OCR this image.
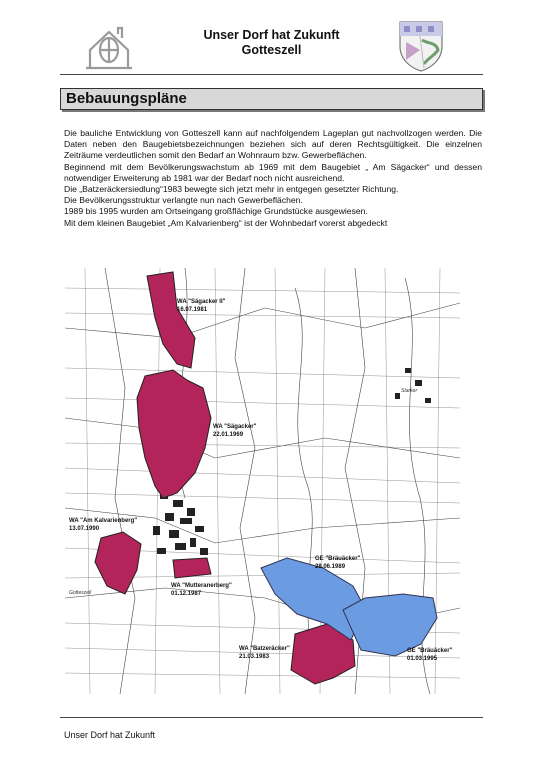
Unser Dorf hat Zukunft
Gotteszell
Bebauungspläne

Die bauliche Entwicklung von Gotteszell kann auf nachfolgendem Lageplan gut nachvollzogen werden. Die Daten neben den Baugebietsbezeichnungen beziehen sich auf deren Rechtsgültigkeit. Die einzelnen Zeiträume verdeutlichen somit den Bedarf an Wohnraum bzw. Gewerbeflächen.

Beginnend mit dem Bevölkerungswachstum ab 1969 mit dem Baugebiet „ Am Sägacker“ und dessen notwendiger Erweiterung ab 1981 war der Bedarf noch nicht ausreichend.

Die „Batzeräckersiedlung“1983 bewegte sich jetzt mehr in entgegen gesetzter Richtung.

Die Bevölkerungsstruktur verlangte nun nach Gewerbeflächen.

1989 bis 1995 wurden am Ortseingang großflächige Grundstücke ausgewiesen.

Mit dem kleinen Baugebiet „Am Kalvarienberg“ ist der Wohnbedarf vorerst abgedeckt

WA "Sägacker II"
16.07.1981
WA "Sägacker"
22.01.1969
WA "Am Kalvarienberg"
13.07.1990
WA "Mutteranerberg"
01.12.1987
WA "Batzeräcker"
21.03.1983
GE "Bräuäcker"
28.06.1989
GE "Bräuäcker"
01.03.1995
Starker
Gotteszell
Unser Dorf hat Zukunft
